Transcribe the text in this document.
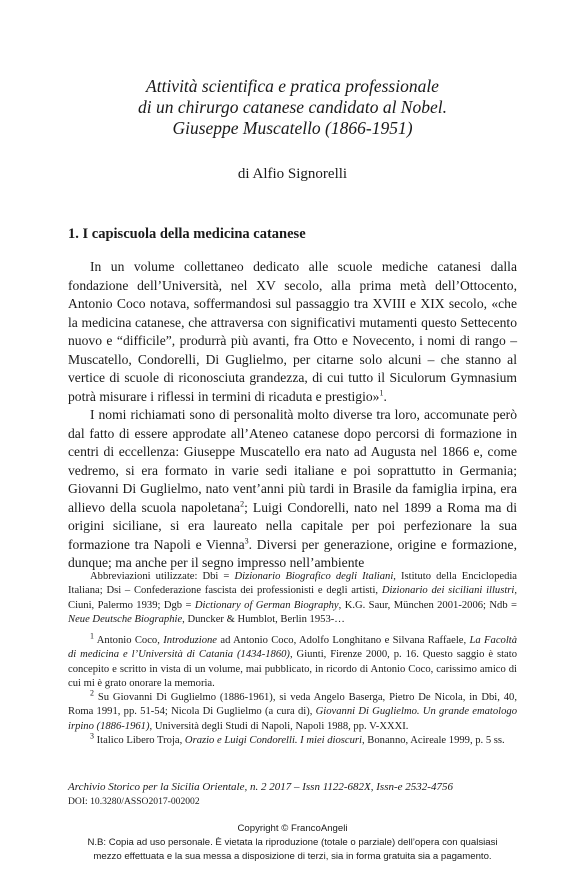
Attività scientifica e pratica professionale
di un chirurgo catanese candidato al Nobel.
Giuseppe Muscatello (1866-1951)
di Alfio Signorelli
1. I capiscuola della medicina catanese

In un volume collettaneo dedicato alle scuole mediche catanesi dalla fondazione dell’Università, nel XV secolo, alla prima metà dell’Ottocento, Antonio Coco notava, soffermandosi sul passaggio tra XVIII e XIX secolo, «che la medicina catanese, che attraversa con significativi mutamenti questo Settecento nuovo e “difficile”, produrrà più avanti, fra Otto e Novecento, i nomi di rango – Muscatello, Condorelli, Di Guglielmo, per citarne solo alcuni – che stanno al vertice di scuole di riconosciuta grandezza, di cui tutto il Siculorum Gymnasium potrà misurare i riflessi in termini di ricaduta e prestigio»$^1$.

I nomi richiamati sono di personalità molto diverse tra loro, accomunate però dal fatto di essere approdate all’Ateneo catanese dopo percorsi di formazione in centri di eccellenza: Giuseppe Muscatello era nato ad Augusta nel 1866 e, come vedremo, si era formato in varie sedi italiane e poi soprattutto in Germania; Giovanni Di Guglielmo, nato vent’anni più tardi in Brasile da famiglia irpina, era allievo della scuola napoletana$^2$; Luigi Condorelli, nato nel 1899 a Roma ma di origini siciliane, si era laureato nella capitale per poi perfezionare la sua formazione tra Napoli e Vienna$^3$. Diversi per generazione, origine e formazione, dunque; ma anche per il segno impresso nell’ambiente

Abbreviazioni utilizzate: Dbi = Dizionario Biografico degli Italiani, Istituto della Enciclopedia Italiana; Dsi – Confederazione fascista dei professionisti e degli artisti, Dizionario dei siciliani illustri, Ciuni, Palermo 1939; Dgb = Dictionary of German Biography, K.G. Saur, München 2001-2006; Ndb = Neue Deutsche Biographie, Duncker & Humblot, Berlin 1953-…

$^1$ Antonio Coco, Introduzione ad Antonio Coco, Adolfo Longhitano e Silvana Raffaele, La Facoltà di medicina e l’Università di Catania (1434-1860), Giunti, Firenze 2000, p. 16. Questo saggio è stato concepito e scritto in vista di un volume, mai pubblicato, in ricordo di Antonio Coco, carissimo amico di cui mi è grato onorare la memoria.

$^2$ Su Giovanni Di Guglielmo (1886-1961), si veda Angelo Baserga, Pietro De Nicola, in Dbi, 40, Roma 1991, pp. 51-54; Nicola Di Guglielmo (a cura di), Giovanni Di Guglielmo. Un grande ematologo irpino (1886-1961), Università degli Studi di Napoli, Napoli 1988, pp. V-XXXI.

$^3$ Italico Libero Troja, Orazio e Luigi Condorelli. I miei dioscuri, Bonanno, Acireale 1999, p. 5 ss.

Archivio Storico per la Sicilia Orientale, n. 2 2017 – Issn 1122-682X, Issn-e 2532-4756
DOI: 10.3280/ASSO2017-002002
Copyright © FrancoAngeli
N.B: Copia ad uso personale. È vietata la riproduzione (totale o parziale) dell’opera con qualsiasi
mezzo effettuata e la sua messa a disposizione di terzi, sia in forma gratuita sia a pagamento.
